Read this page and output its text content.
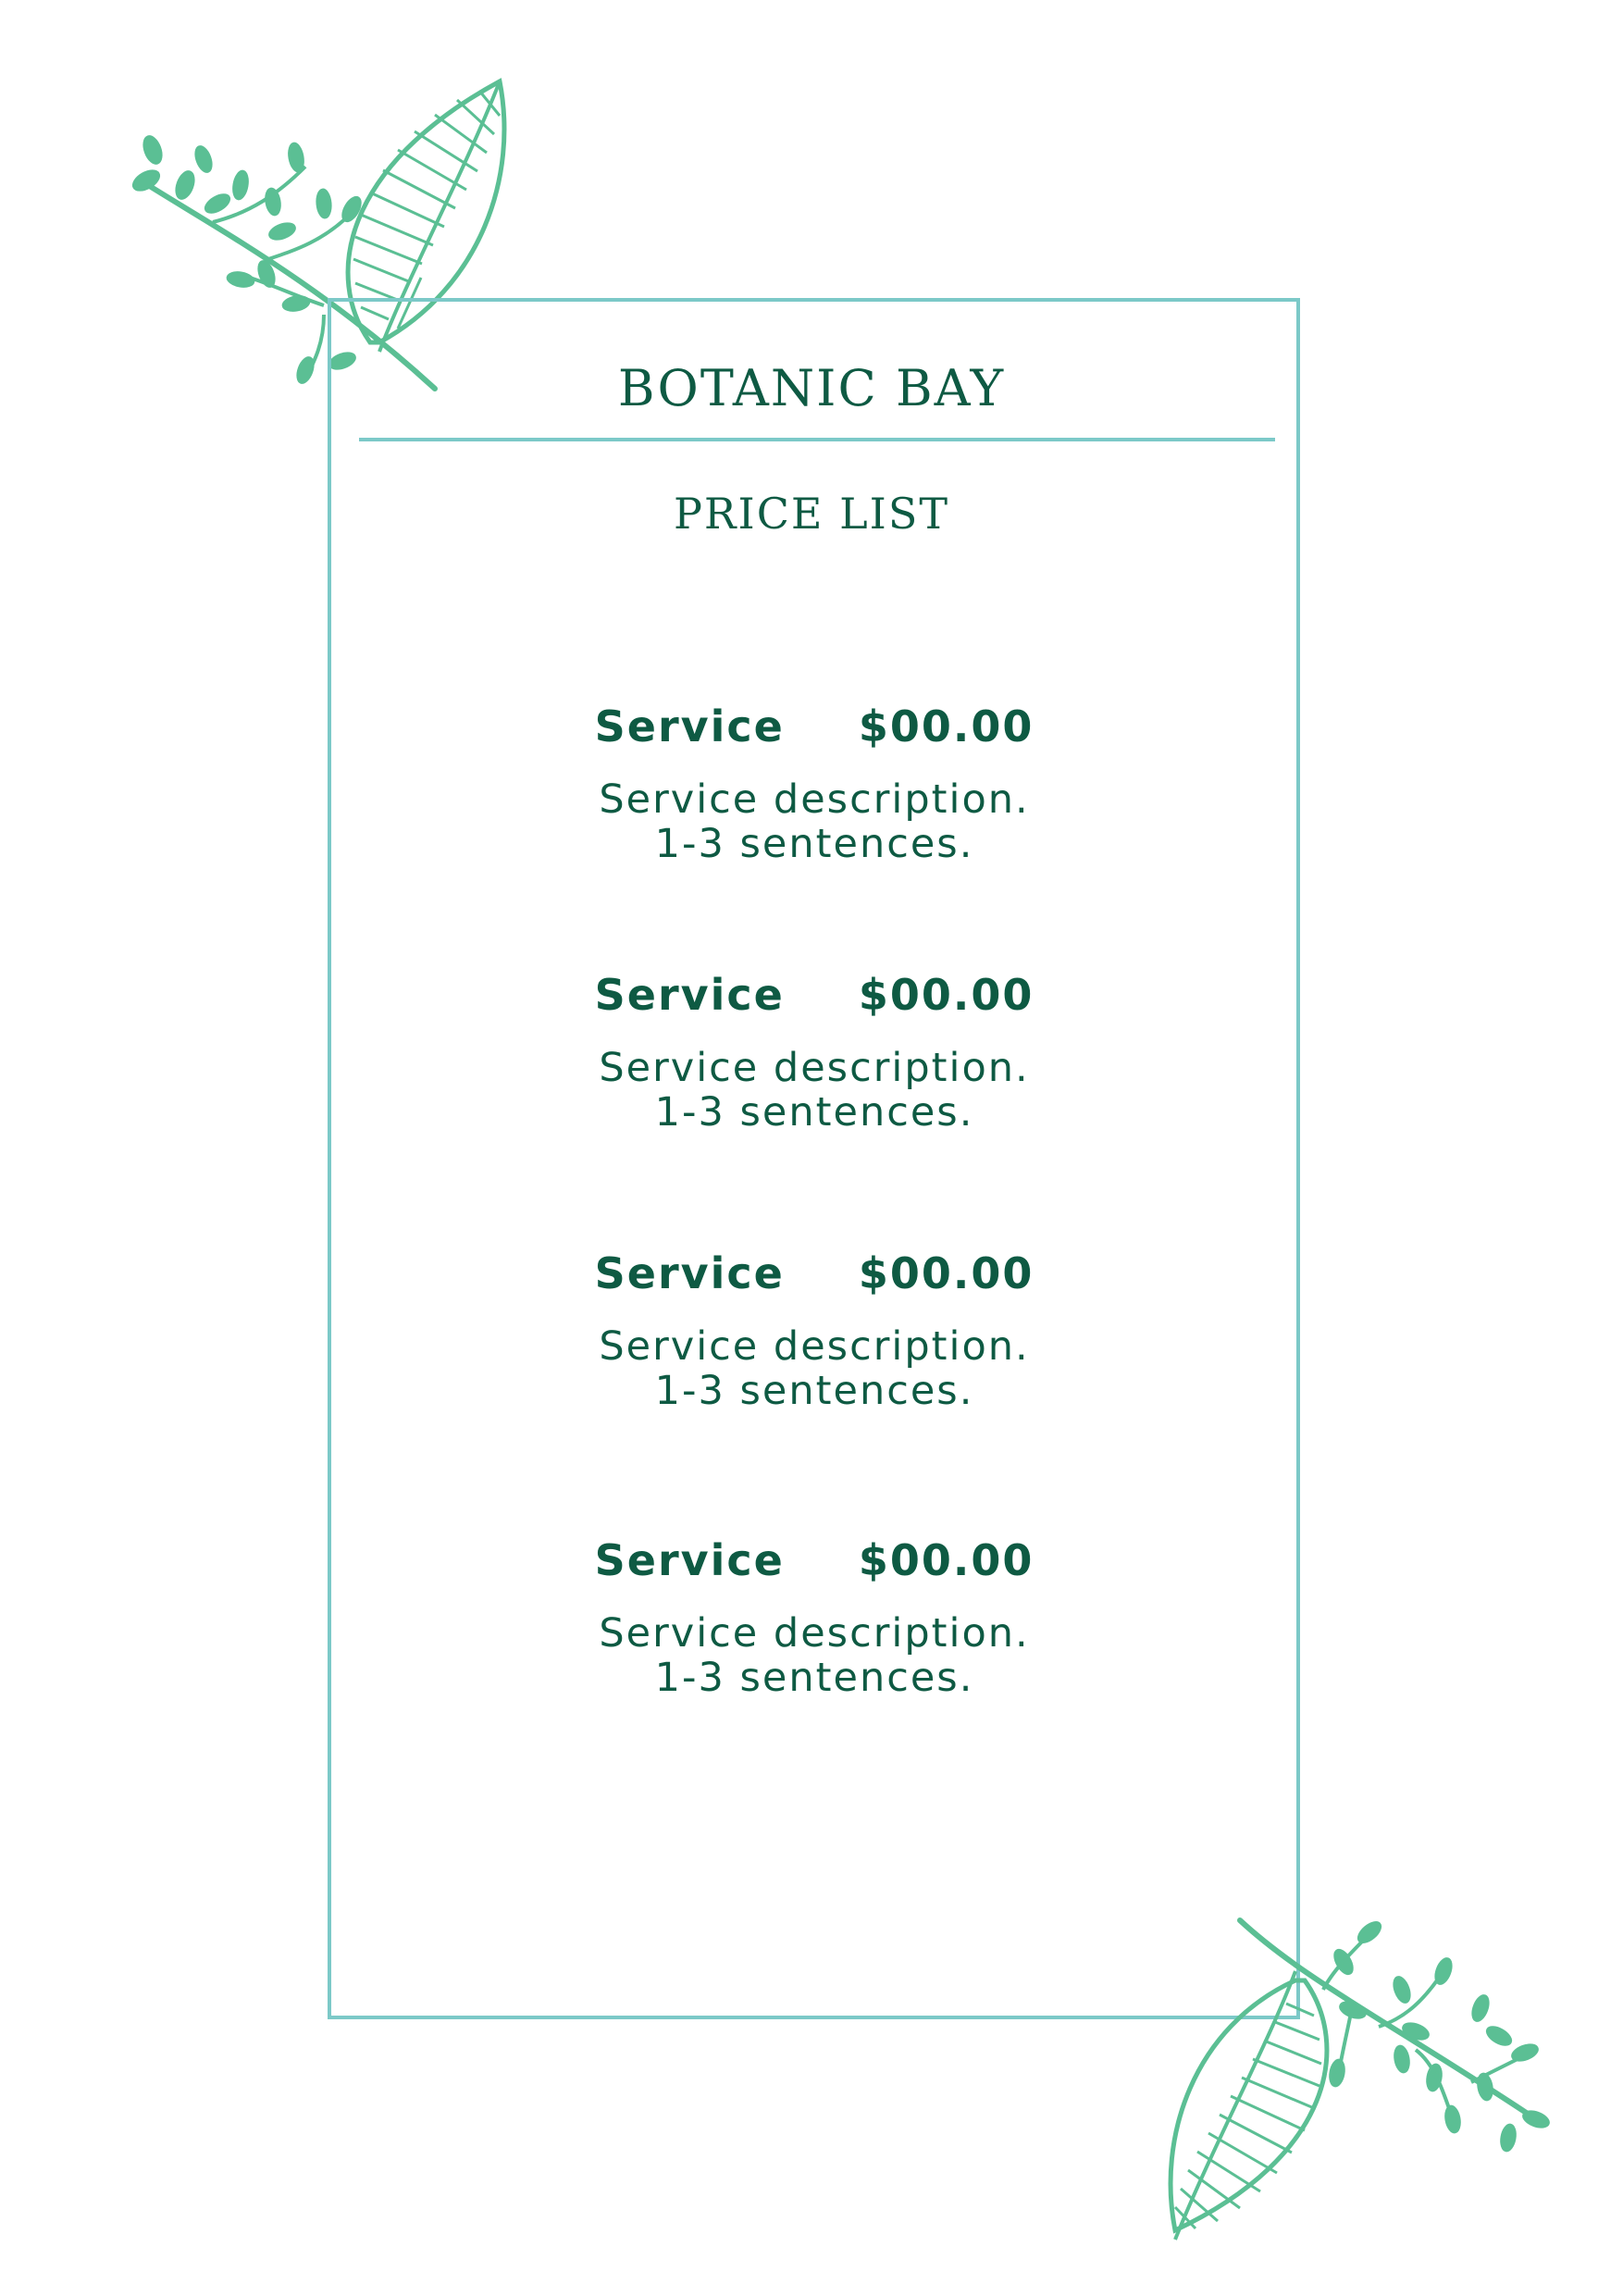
BOTANIC BAY
PRICE LIST
Service $00.00
Service description.
1-3 sentences.
Service $00.00
Service description.
1-3 sentences.
Service $00.00
Service description.
1-3 sentences.
Service $00.00
Service description.
1-3 sentences.
